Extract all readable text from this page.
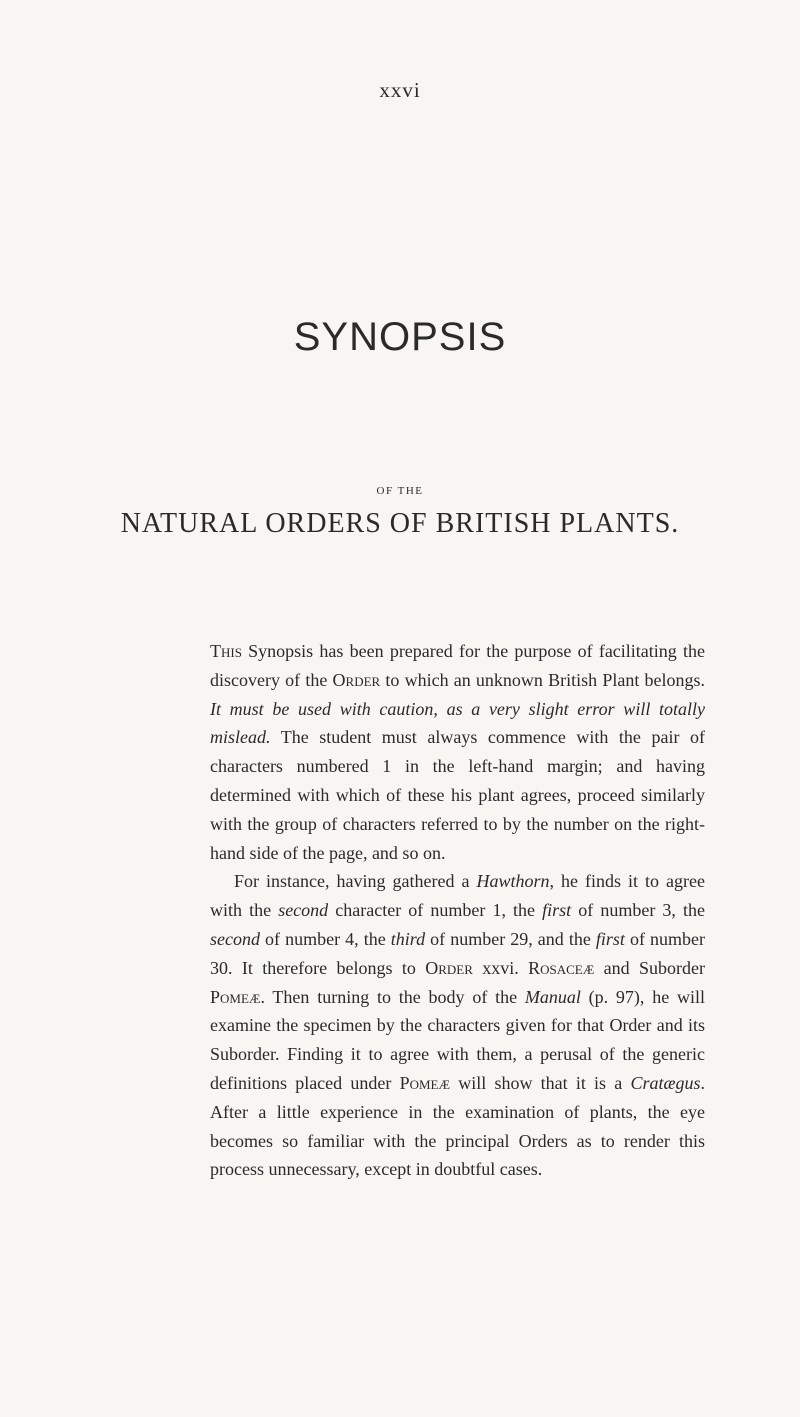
xxvi
SYNOPSIS
OF THE
NATURAL ORDERS OF BRITISH PLANTS.

This Synopsis has been prepared for the purpose of facilitating the discovery of the Order to which an unknown British Plant belongs. It must be used with caution, as a very slight error will totally mislead. The student must always commence with the pair of characters numbered 1 in the left-hand margin; and having determined with which of these his plant agrees, proceed similarly with the group of characters referred to by the number on the right-hand side of the page, and so on.

For instance, having gathered a Hawthorn, he finds it to agree with the second character of number 1, the first of number 3, the second of number 4, the third of number 29, and the first of number 30. It therefore belongs to Order xxvi. Rosaceæ and Suborder Pomeæ. Then turning to the body of the Manual (p. 97), he will examine the specimen by the characters given for that Order and its Suborder. Finding it to agree with them, a perusal of the generic definitions placed under Pomeæ will show that it is a Cratægus. After a little experience in the examination of plants, the eye becomes so familiar with the principal Orders as to render this process unnecessary, except in doubtful cases.
